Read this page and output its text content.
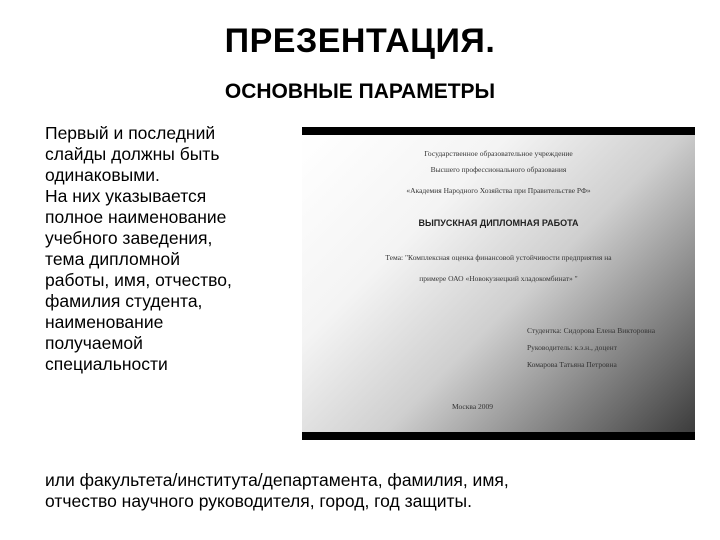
ПРЕЗЕНТАЦИЯ.
ОСНОВНЫЕ ПАРАМЕТРЫ

Первый и последний

слайды должны быть

одинаковыми.

На них указывается

полное наименование

учебного заведения,

тема дипломной

работы, имя, отчество,

фамилия студента,

наименование

получаемой

специальности

или факультета/института/департамента, фамилия, имя,
отчество научного руководителя, город, год защиты.
Государственное образовательное учреждение
Высшего профессионального образования
«Академия Народного Хозяйства при Правительстве РФ»
ВЫПУСКНАЯ ДИПЛОМНАЯ РАБОТА
Тема: "Комплексная оценка финансовой устойчивости предприятия на
примере ОАО «Новокузнецкий хладокомбинат» "
Студентка: Сидорова Елена Викторовна
Руководитель: к.э.н., доцент
Комарова Татьяна Петровна
Москва 2009
